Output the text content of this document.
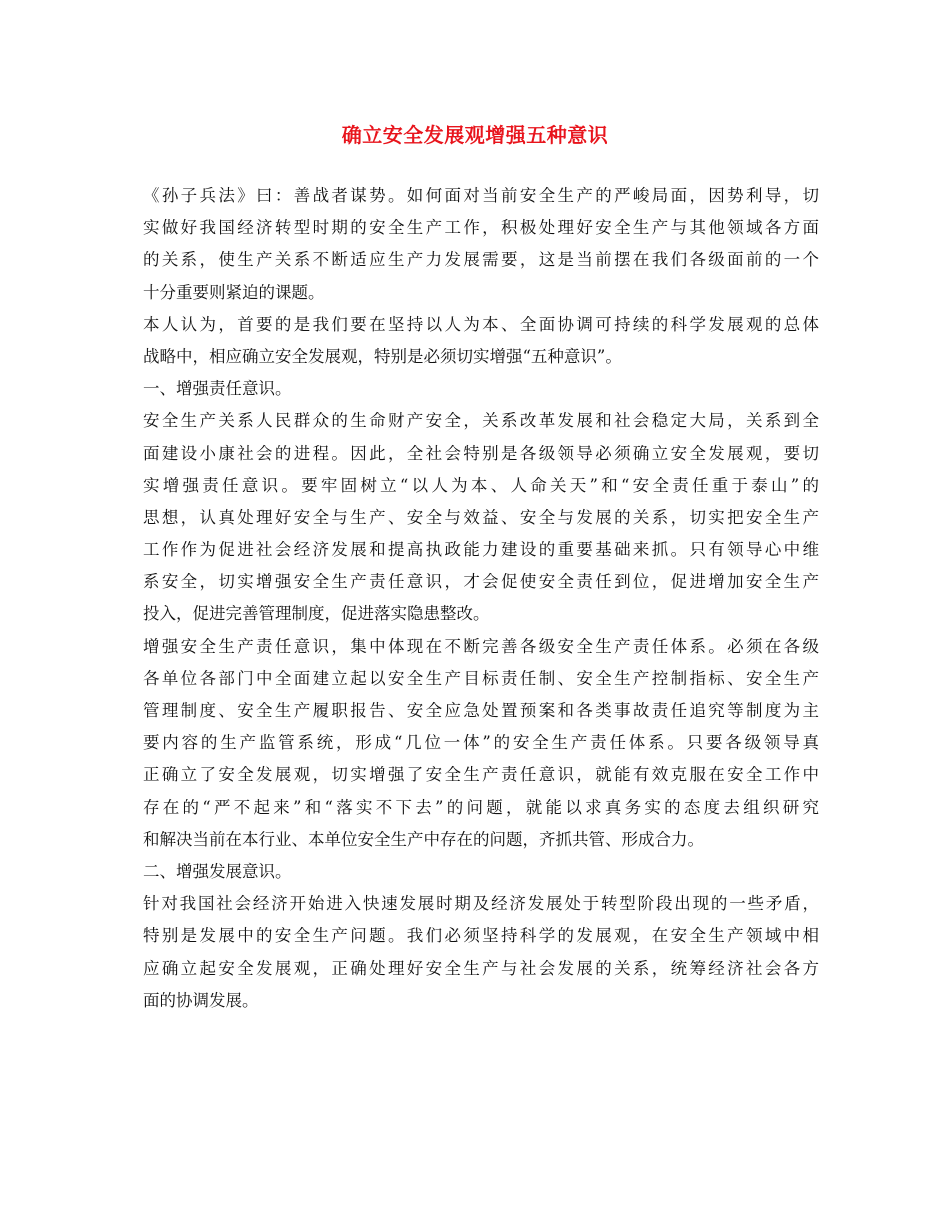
确立安全发展观增强五种意识
《孙子兵法》曰：善战者谋势。如何面对当前安全生产的严峻局面，因势利导，切
实做好我国经济转型时期的安全生产工作，积极处理好安全生产与其他领域各方面
的关系，使生产关系不断适应生产力发展需要，这是当前摆在我们各级面前的一个
十分重要则紧迫的课题。
本人认为，首要的是我们要在坚持以人为本、全面协调可持续的科学发展观的总体
战略中，相应确立安全发展观，特别是必须切实增强“五种意识”。
一、增强责任意识。
安全生产关系人民群众的生命财产安全，关系改革发展和社会稳定大局，关系到全
面建设小康社会的进程。因此，全社会特别是各级领导必须确立安全发展观，要切
实增强责任意识。要牢固树立“以人为本、人命关天”和“安全责任重于泰山”的
思想，认真处理好安全与生产、安全与效益、安全与发展的关系，切实把安全生产
工作作为促进社会经济发展和提高执政能力建设的重要基础来抓。只有领导心中维
系安全，切实增强安全生产责任意识，才会促使安全责任到位，促进增加安全生产
投入，促进完善管理制度，促进落实隐患整改。
增强安全生产责任意识，集中体现在不断完善各级安全生产责任体系。必须在各级
各单位各部门中全面建立起以安全生产目标责任制、安全生产控制指标、安全生产
管理制度、安全生产履职报告、安全应急处置预案和各类事故责任追究等制度为主
要内容的生产监管系统，形成“几位一体”的安全生产责任体系。只要各级领导真
正确立了安全发展观，切实增强了安全生产责任意识，就能有效克服在安全工作中
存在的“严不起来”和“落实不下去”的问题，就能以求真务实的态度去组织研究
和解决当前在本行业、本单位安全生产中存在的问题，齐抓共管、形成合力。
二、增强发展意识。
针对我国社会经济开始进入快速发展时期及经济发展处于转型阶段出现的一些矛盾，
特别是发展中的安全生产问题。我们必须坚持科学的发展观，在安全生产领域中相
应确立起安全发展观，正确处理好安全生产与社会发展的关系，统筹经济社会各方
面的协调发展。
